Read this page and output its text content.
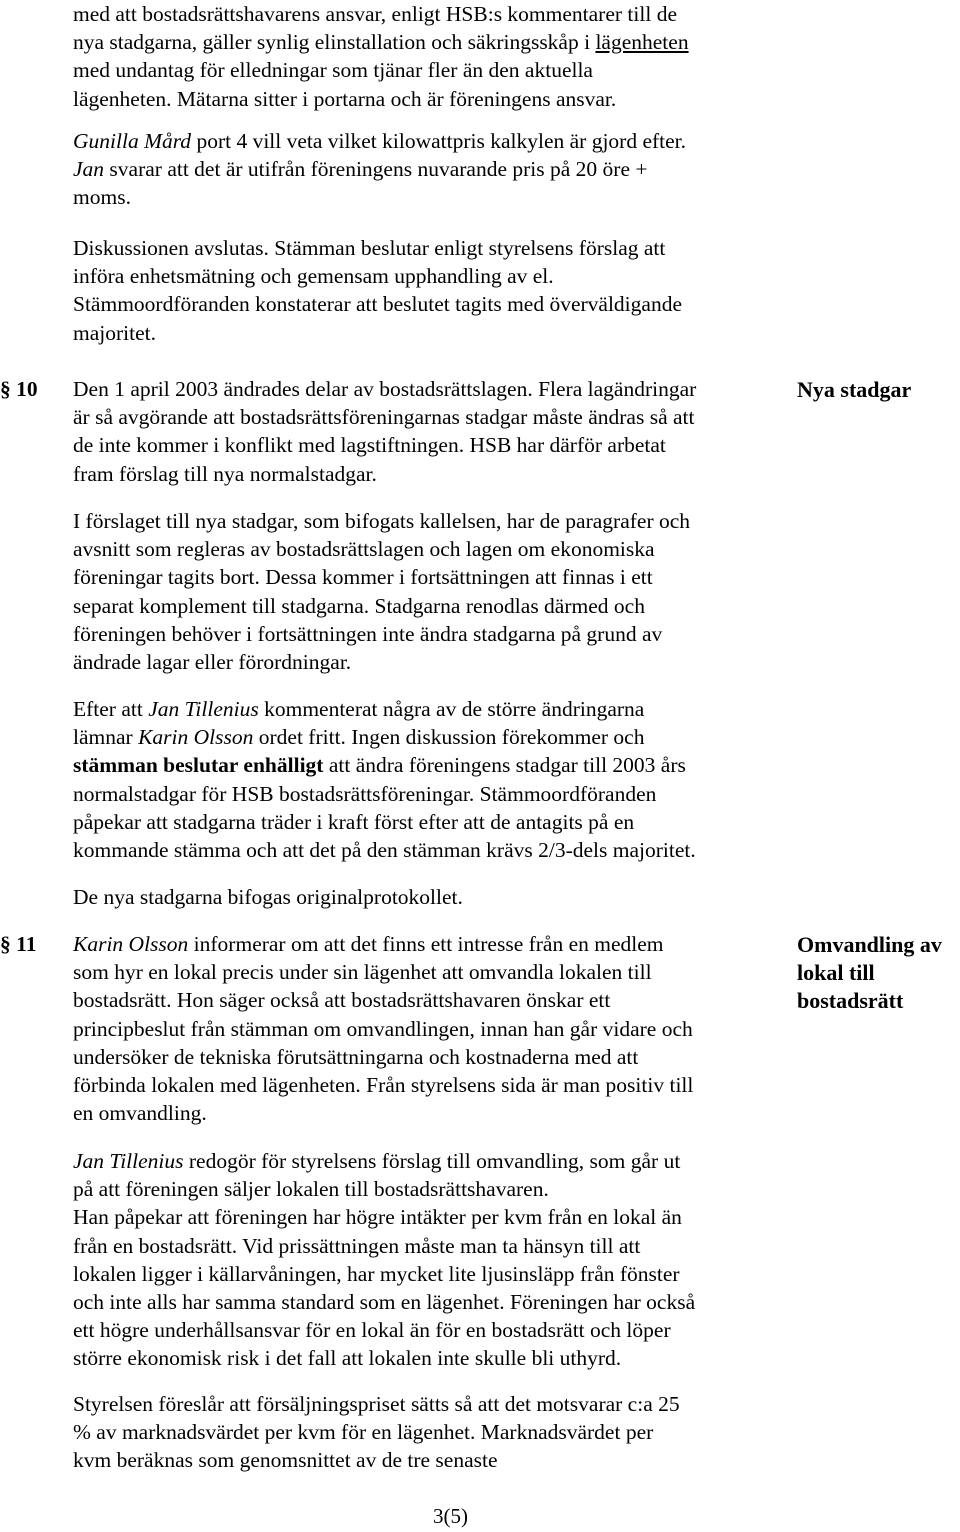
med att bostadsrättshavarens ansvar, enligt HSB:s kommentarer till de

nya stadgarna, gäller synlig elinstallation och säkringsskåp i lägenheten

med undantag för elledningar som tjänar fler än den aktuella

lägenheten. Mätarna sitter i portarna och är föreningens ansvar.

Gunilla Mård port 4 vill veta vilket kilowattpris kalkylen är gjord efter.

Jan svarar att det är utifrån föreningens nuvarande pris på 20 öre +

moms.

Diskussionen avslutas. Stämman beslutar enligt styrelsens förslag att

införa enhetsmätning och gemensam upphandling av el.

Stämmoordföranden konstaterar att beslutet tagits med överväldigande

majoritet.

§ 10	Nya stadgar

Den 1 april 2003 ändrades delar av bostadsrättslagen. Flera lagändringar

är så avgörande att bostadsrättsföreningarnas stadgar måste ändras så att

de inte kommer i konflikt med lagstiftningen. HSB har därför arbetat

fram förslag till nya normalstadgar.

I förslaget till nya stadgar, som bifogats kallelsen, har de paragrafer och

avsnitt som regleras av bostadsrättslagen och lagen om ekonomiska

föreningar tagits bort. Dessa kommer i fortsättningen att finnas i ett

separat komplement till stadgarna. Stadgarna renodlas därmed och

föreningen behöver i fortsättningen inte ändra stadgarna på grund av

ändrade lagar eller förordningar.

Efter att Jan Tillenius kommenterat några av de större ändringarna

lämnar Karin Olsson ordet fritt. Ingen diskussion förekommer och

stämman beslutar enhälligt att ändra föreningens stadgar till 2003 års

normalstadgar för HSB bostadsrättsföreningar. Stämmoordföranden

påpekar att stadgarna träder i kraft först efter att de antagits på en

kommande stämma och att det på den stämman krävs 2/3-dels majoritet.

De nya stadgarna bifogas originalprotokollet.

§ 11	Omvandling av
lokal till
bostadsrätt

Karin Olsson informerar om att det finns ett intresse från en medlem

som hyr en lokal precis under sin lägenhet att omvandla lokalen till

bostadsrätt. Hon säger också att bostadsrättshavaren önskar ett

principbeslut från stämman om omvandlingen, innan han går vidare och

undersöker de tekniska förutsättningarna och kostnaderna med att

förbinda lokalen med lägenheten. Från styrelsens sida är man positiv till

en omvandling.

Jan Tillenius redogör för styrelsens förslag till omvandling, som går ut

på att föreningen säljer lokalen till bostadsrättshavaren.

Han påpekar att föreningen har högre intäkter per kvm från en lokal än

från en bostadsrätt. Vid prissättningen måste man ta hänsyn till att

lokalen ligger i källarvåningen, har mycket lite ljusinsläpp från fönster

och inte alls har samma standard som en lägenhet. Föreningen har också

ett högre underhållsansvar för en lokal än för en bostadsrätt och löper

större ekonomisk risk i det fall att lokalen inte skulle bli uthyrd.

Styrelsen föreslår att försäljningspriset sätts så att det motsvarar c:a 25

% av marknadsvärdet per kvm för en lägenhet. Marknadsvärdet per

kvm beräknas som genomsnittet av de tre senaste

3(5)
